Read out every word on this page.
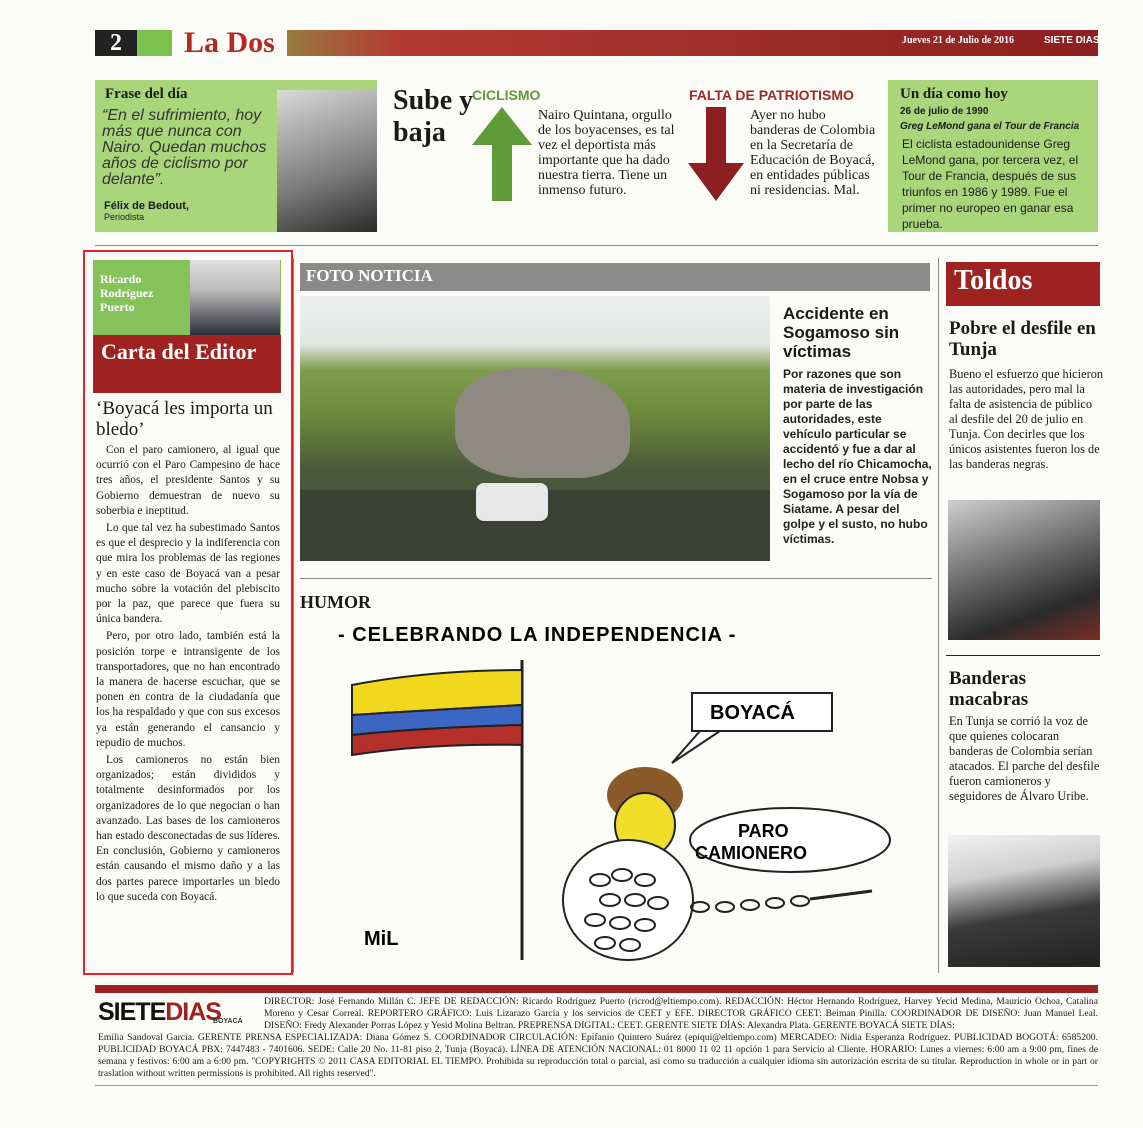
2	La Dos	Jueves 21 de Julio de 2016	SIETE DIAS
Frase del día
“En el sufrimiento, hoy más que nunca con Nairo. Quedan muchos años de ciclismo por delante”.
Félix de Bedout,
Periodista
Sube y baja
CICLISMO
Nairo Quintana, orgullo de los boyacenses, es tal vez el deportista más importante que ha dado nuestra tierra. Tiene un inmenso futuro.
FALTA DE PATRIOTISMO
Ayer no hubo banderas de Colombia en la Secretaría de Educación de Boyacá, en entidades públicas ni residencias. Mal.
Un día como hoy
26 de julio de 1990
Greg LeMond gana el Tour de Francia
El ciclista estadounidense Greg LeMond gana, por tercera vez, el Tour de Francia, después de sus triunfos en 1986 y 1989. Fue el primer no europeo en ganar esa prueba.
Ricardo Rodríguez Puerto
Carta del Editor
‘Boyacá les importa un bledo’

Con el paro camionero, al igual que ocurrió con el Paro Campesino de hace tres años, el presidente Santos y su Gobierno demuestran de nuevo su soberbia e ineptitud.

Lo que tal vez ha subestimado Santos es que el desprecio y la indiferencia con que mira los problemas de las regiones y en este caso de Boyacá van a pesar mucho sobre la votación del plebiscito por la paz, que parece que fuera su única bandera.

Pero, por otro lado, también está la posición torpe e intransigente de los transportadores, que no han encontrado la manera de hacerse escuchar, que se ponen en contra de la ciudadanía que los ha respaldado y que con sus excesos ya están generando el cansancio y repudio de muchos.

Los camioneros no están bien organizados; están divididos y totalmente desinformados por los organizadores de lo que negocian o han avanzado. Las bases de los camioneros han estado desconectadas de sus líderes. En conclusión, Gobierno y camioneros están causando el mismo daño y a las dos partes parece importarles un bledo lo que suceda con Boyacá.

FOTO NOTICIA
Accidente en Sogamoso sin víctimas
Por razones que son materia de investigación por parte de las autoridades, este vehículo particular se accidentó y fue a dar al lecho del río Chicamocha, en el cruce entre Nobsa y Sogamoso por la vía de Siatame. A pesar del golpe y el susto, no hubo víctimas.
HUMOR
- CELEBRANDO LA INDEPENDENCIA -
BOYACÁ
PARO
CAMIONERO
MiL
Toldos
Pobre el desfile en Tunja
Bueno el esfuerzo que hicieron las autoridades, pero mal la falta de asistencia de público al desfile del 20 de julio en Tunja. Con decirles que los únicos asistentes fueron los de las banderas negras.
Banderas macabras
En Tunja se corrió la voz de que quienes colocaran banderas de Colombia serían atacados. El parche del desfile fueron camioneros y seguidores de Álvaro Uribe.
SIETEDIAS
BOYACÁ
DIRECTOR: José Fernando Millán C. JEFE DE REDACCIÓN: Ricardo Rodríguez Puerto (ricrod@eltiempo.com). REDACCIÓN: Héctor Hernando Rodríguez, Harvey Yecid Medina, Mauricio Ochoa, Catalina Moreno y Cesar Correal. REPORTERO GRÁFICO: Luis Lizarazo García y los servicios de CEET y EFE. DIRECTOR GRÁFICO CEET: Beiman Pinilla. COORDINADOR DE DISEÑO: Juan Manuel Leal. DISEÑO: Fredy Alexander Porras López y Yesid Molina Beltran. PREPRENSA DIGITAL: CEET. GERENTE SIETE DÍAS: Alexandra Plata. GERENTE BOYACÁ SIETE DÍAS:
Emilia Sandoval García. GERENTE PRENSA ESPECIALIZADA: Diana Gómez S. COORDINADOR CIRCULACIÓN: Epifanio Quintero Suárez (epiqui@eltiempo.com) MERCADEO: Nidia Esperanza Rodríguez. PUBLICIDAD BOGOTÁ: 6585200. PUBLICIDAD BOYACÁ PBX: 7447483 - 7401606. SEDE: Calle 20 No. 11-81 piso 2, Tunja (Boyacá). LÍNEA DE ATENCIÓN NACIONAL: 01 8000 11 02 11 opción 1 para Servicio al Cliente. HORARIO: Lunes a viernes: 6:00 am a 9:00 pm, fines de semana y festivos: 6:00 am a 6:00 pm. "COPYRIGHTS © 2011 CASA EDITORIAL EL TIEMPO. Prohibida su reproducción total o parcial, así como su traducción a cualquier idioma sin autorización escrita de su titular. Reproduction in whole or in part or traslation without written permissions is prohibited. All rights reserved".
